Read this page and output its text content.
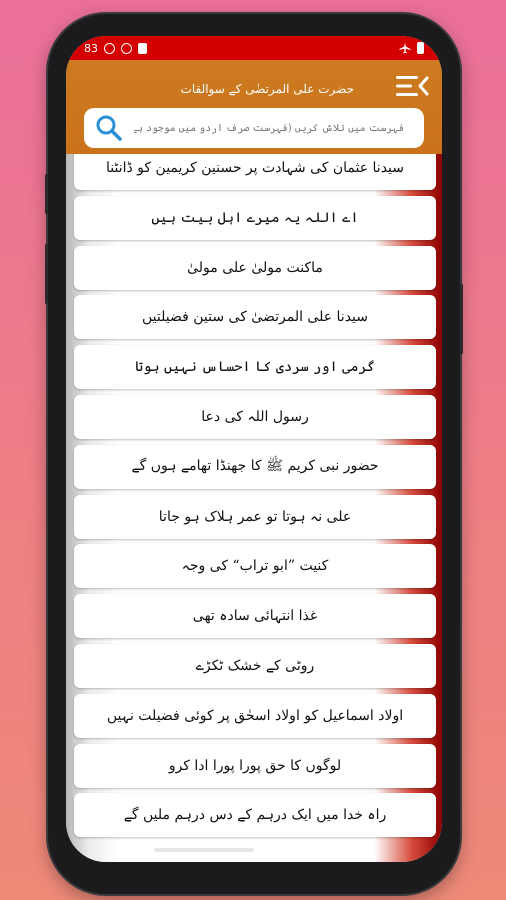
83
حضرت علی المرتضٰی کے سوالقات
فہرست میں تلاش کریں (فہرست صرف اردو میں موجود ہے)
سیدنا عثمان کی شہادت پر حسنین کریمین کو ڈانٹنا
اے اللہ یہ میرے اہل بیت ہیں
ماکنت مولیٰ علی مولیٰ
سیدنا علی المرتضیٰ کی ستین فضیلتیں
گرمی اور سردی کا احساس نہیں ہوتا
رسول اللہ کی دعا
حضور نبی کریم ﷺ کا جھنڈا تھامے ہوں گے
علی نہ ہوتا تو عمر ہلاک ہو جاتا
کنیت ”ابو تراب“ کی وجہ
غذا انتہائی سادہ تھی
روٹی کے خشک ٹکڑے
اولاد اسماعیل کو اولاد اسحٰق پر کوئی فضیلت نہیں
لوگوں کا حق پورا پورا ادا کرو
راہ خدا میں ایک درہم کے دس درہم ملیں گے
